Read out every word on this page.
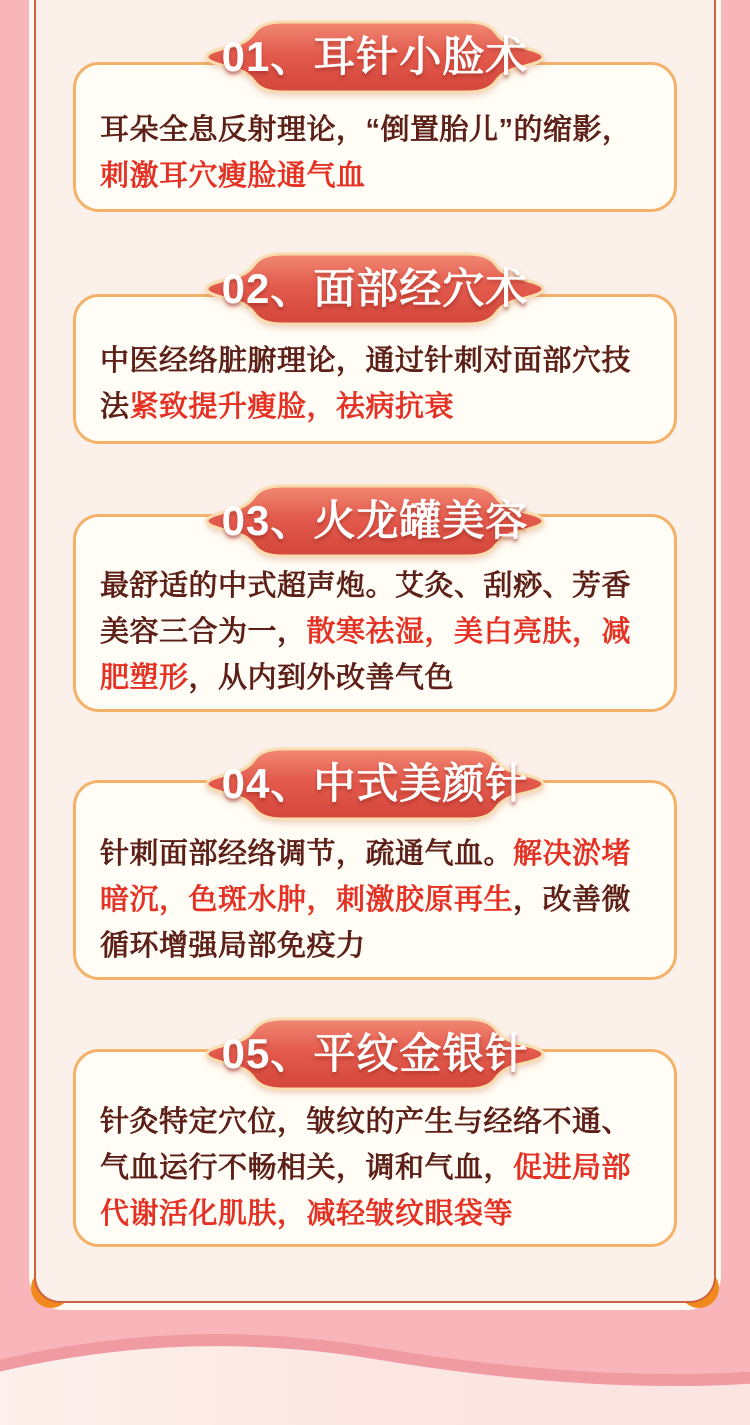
耳朵全息反射理论，“倒置胎儿”的缩影，刺激耳穴瘦脸通气血

中医经络脏腑理论，通过针刺对面部穴技法紧致提升瘦脸，祛病抗衰

最舒适的中式超声炮。艾灸、刮痧、芳香美容三合为一，散寒祛湿，美白亮肤，减肥塑形，从内到外改善气色

针刺面部经络调节，疏通气血。解决淤堵暗沉，色斑水肿，刺激胶原再生，改善微循环增强局部免疫力

针灸特定穴位，皱纹的产生与经络不通、气血运行不畅相关，调和气血，促进局部代谢活化肌肤，减轻皱纹眼袋等

01、耳针小脸术
02、面部经穴术
03、火龙罐美容
04、中式美颜针
05、平纹金银针
